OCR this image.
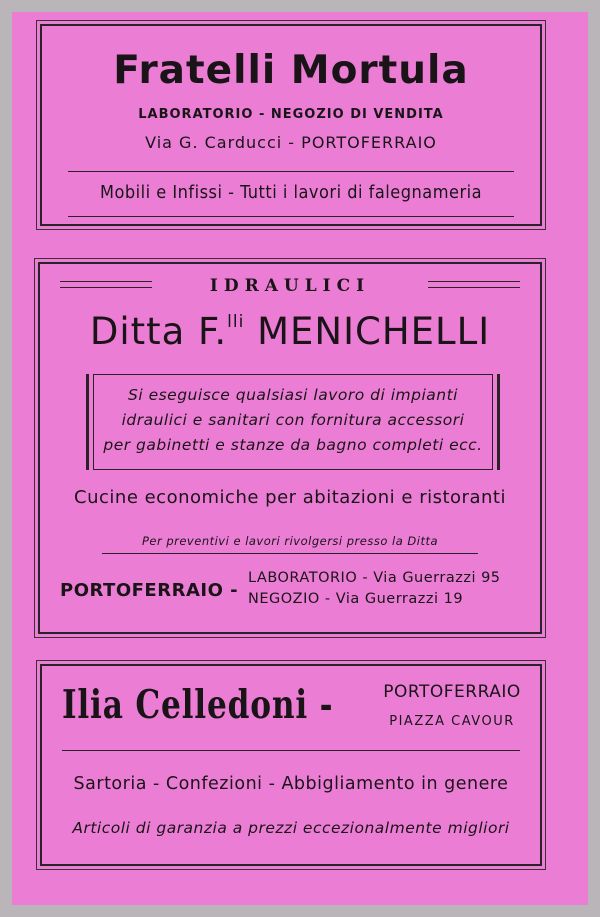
Fratelli Mortula
LABORATORIO - NEGOZIO DI VENDITA
Via G. Carducci - PORTOFERRAIO
Mobili e Infissi - Tutti i lavori di falegnameria
IDRAULICI
Ditta F.$^{lli}$ MENICHELLI
Si eseguisce qualsiasi lavoro di impianti
idraulici e sanitari con fornitura accessori
per gabinetti e stanze da bagno completi ecc.
Cucine economiche per abitazioni e ristoranti
Per preventivi e lavori rivolgersi presso la Ditta
PORTOFERRAIO -
LABORATORIO - Via Guerrazzi 95
NEGOZIO - Via Guerrazzi 19
Ilia Celledoni -	PORTOFERRAIO
PIAZZA CAVOUR
Sartoria - Confezioni - Abbigliamento in genere
Articoli di garanzia a prezzi eccezionalmente migliori
